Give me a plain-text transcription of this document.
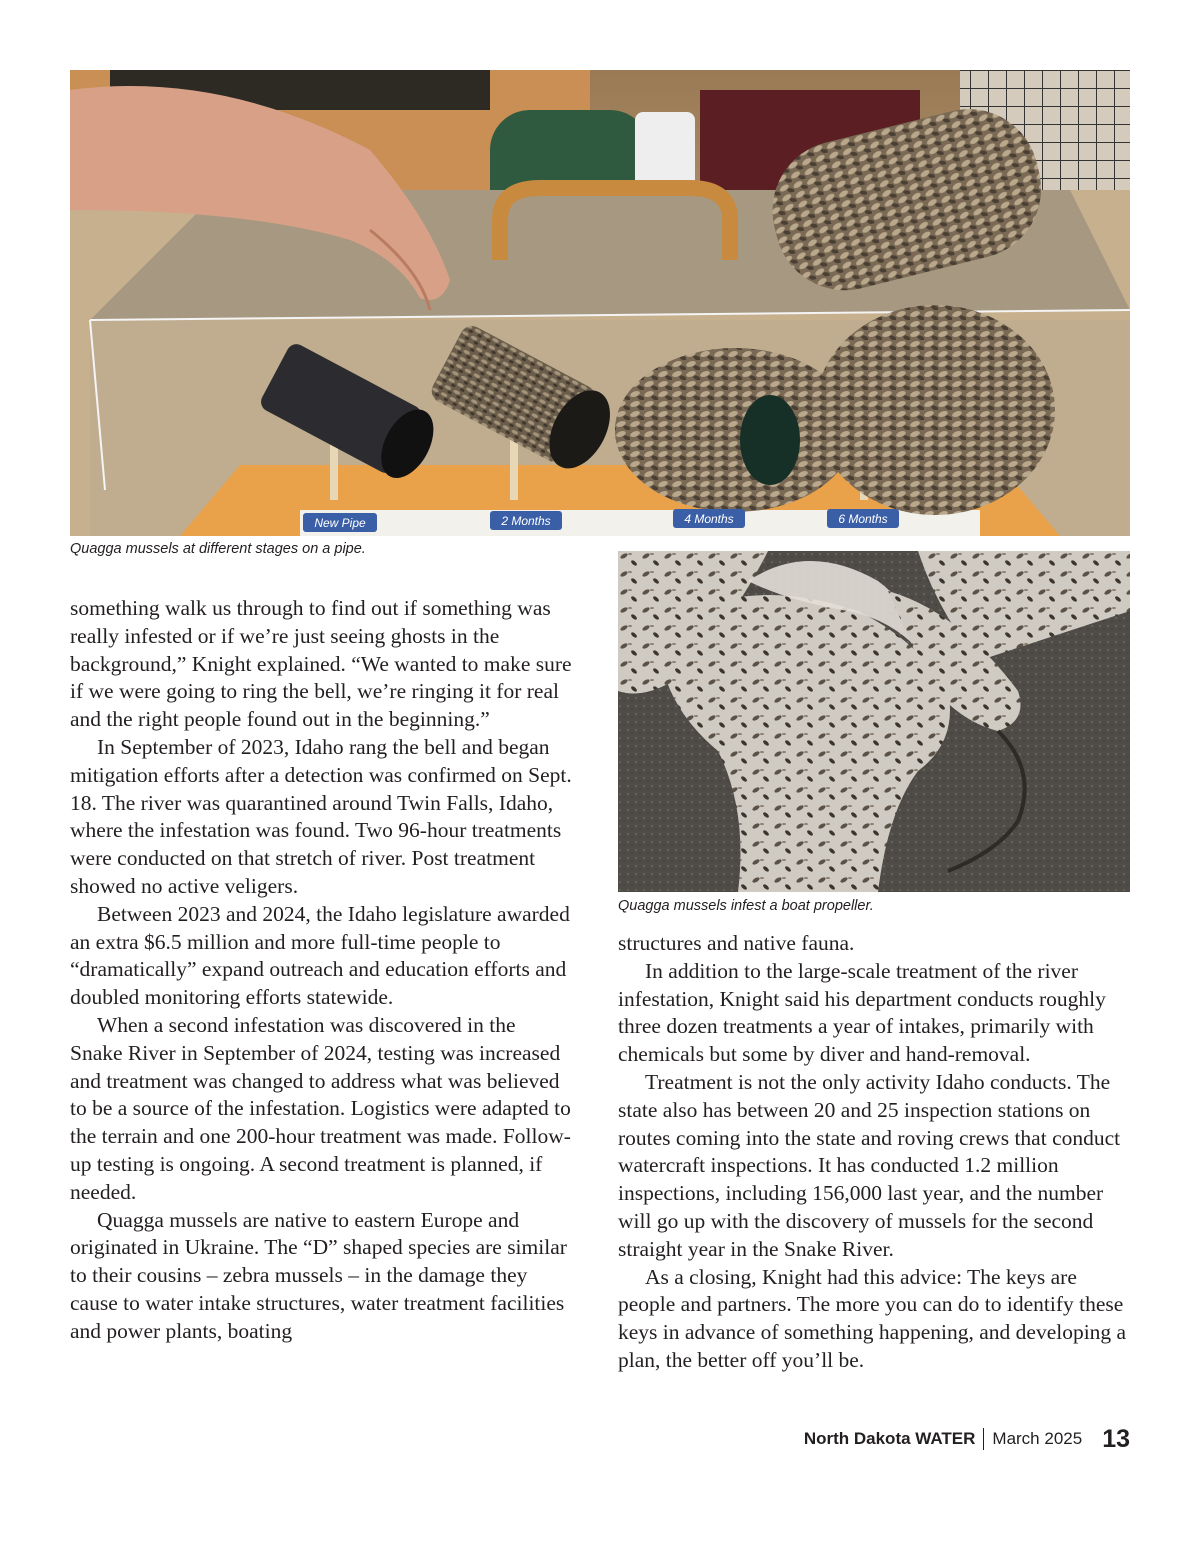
New Pipe	2 Months	4 Months	6 Months

Quagga mussels at different stages on a pipe.

Quagga mussels infest a boat propeller.

something walk us through to find out if something was really infested or if we’re just seeing ghosts in the background,” Knight explained. “We wanted to make sure if we were going to ring the bell, we’re ringing it for real and the right people found out in the beginning.”

In September of 2023, Idaho rang the bell and began mitigation efforts after a detection was confirmed on Sept. 18. The river was quarantined around Twin Falls, Idaho, where the infestation was found. Two 96-hour treatments were conducted on that stretch of river. Post treatment showed no active veligers.

Between 2023 and 2024, the Idaho legislature awarded an extra $6.5 million and more full-time people to “dramatically” expand outreach and education efforts and doubled monitoring efforts statewide.

When a second infestation was discovered in the Snake River in September of 2024, testing was increased and treatment was changed to address what was believed to be a source of the infestation. Logistics were adapted to the terrain and one 200-hour treatment was made. Follow-up testing is ongoing. A second treatment is planned, if needed.

Quagga mussels are native to eastern Europe and originated in Ukraine. The “D” shaped species are similar to their cousins – zebra mussels – in the damage they cause to water intake structures, water treatment facilities and power plants, boating

structures and native fauna.

In addition to the large-scale treatment of the river infestation, Knight said his department conducts roughly three dozen treatments a year of intakes, primarily with chemicals but some by diver and hand-removal.

Treatment is not the only activity Idaho conducts. The state also has between 20 and 25 inspection stations on routes coming into the state and roving crews that conduct watercraft inspections. It has conducted 1.2 million inspections, including 156,000 last year, and the number will go up with the discovery of mussels for the second straight year in the Snake River.

As a closing, Knight had this advice: The keys are people and partners. The more you can do to identify these keys in advance of something happening, and developing a plan, the better off you’ll be.

North Dakota WATER March 2025 13
